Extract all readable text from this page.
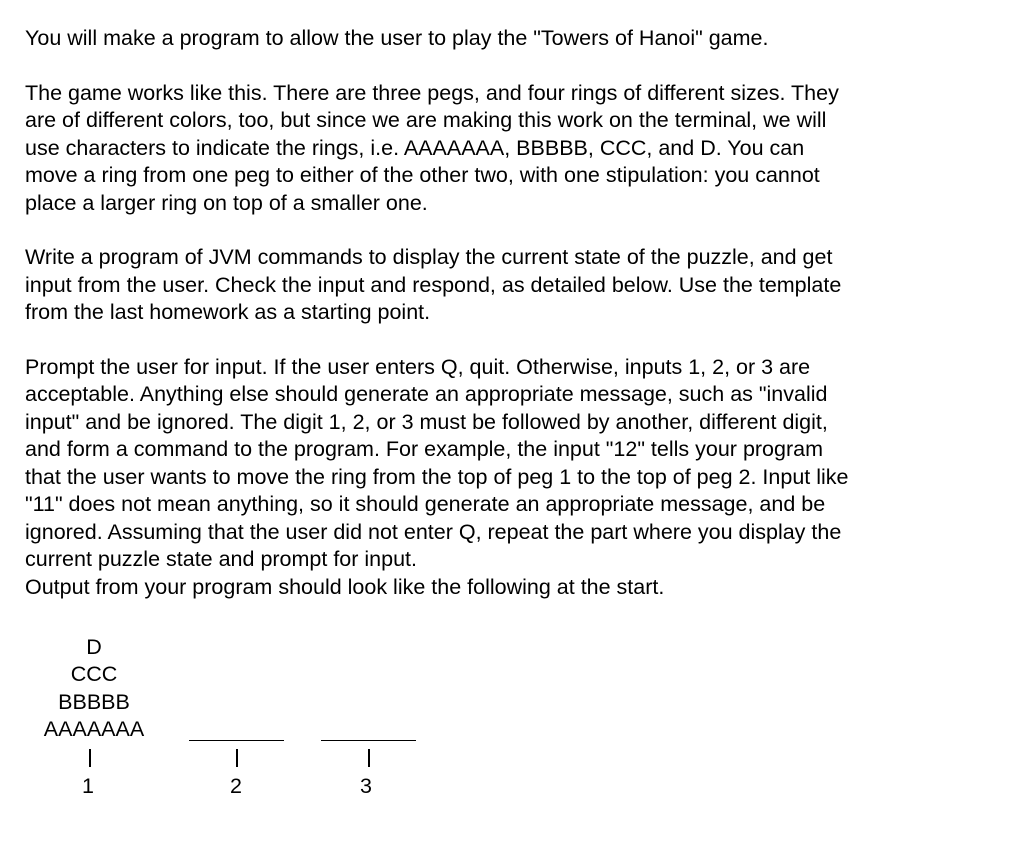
You will make a program to allow the user to play the "Towers of Hanoi" game.
The game works like this. There are three pegs, and four rings of different sizes. They
are of different colors, too, but since we are making this work on the terminal, we will
use characters to indicate the rings, i.e. AAAAAAA, BBBBB, CCC, and D. You can
move a ring from one peg to either of the other two, with one stipulation: you cannot
place a larger ring on top of a smaller one.
Write a program of JVM commands to display the current state of the puzzle, and get
input from the user. Check the input and respond, as detailed below. Use the template
from the last homework as a starting point.
Prompt the user for input. If the user enters Q, quit. Otherwise, inputs 1, 2, or 3 are
acceptable. Anything else should generate an appropriate message, such as "invalid
input" and be ignored. The digit 1, 2, or 3 must be followed by another, different digit,
and form a command to the program. For example, the input "12" tells your program
that the user wants to move the ring from the top of peg 1 to the top of peg 2. Input like
"11" does not mean anything, so it should generate an appropriate message, and be
ignored. Assuming that the user did not enter Q, repeat the part where you display the
current puzzle state and prompt for input.
Output from your program should look like the following at the start.
D
CCC
BBBBB
AAAAAAA
1	2	3
